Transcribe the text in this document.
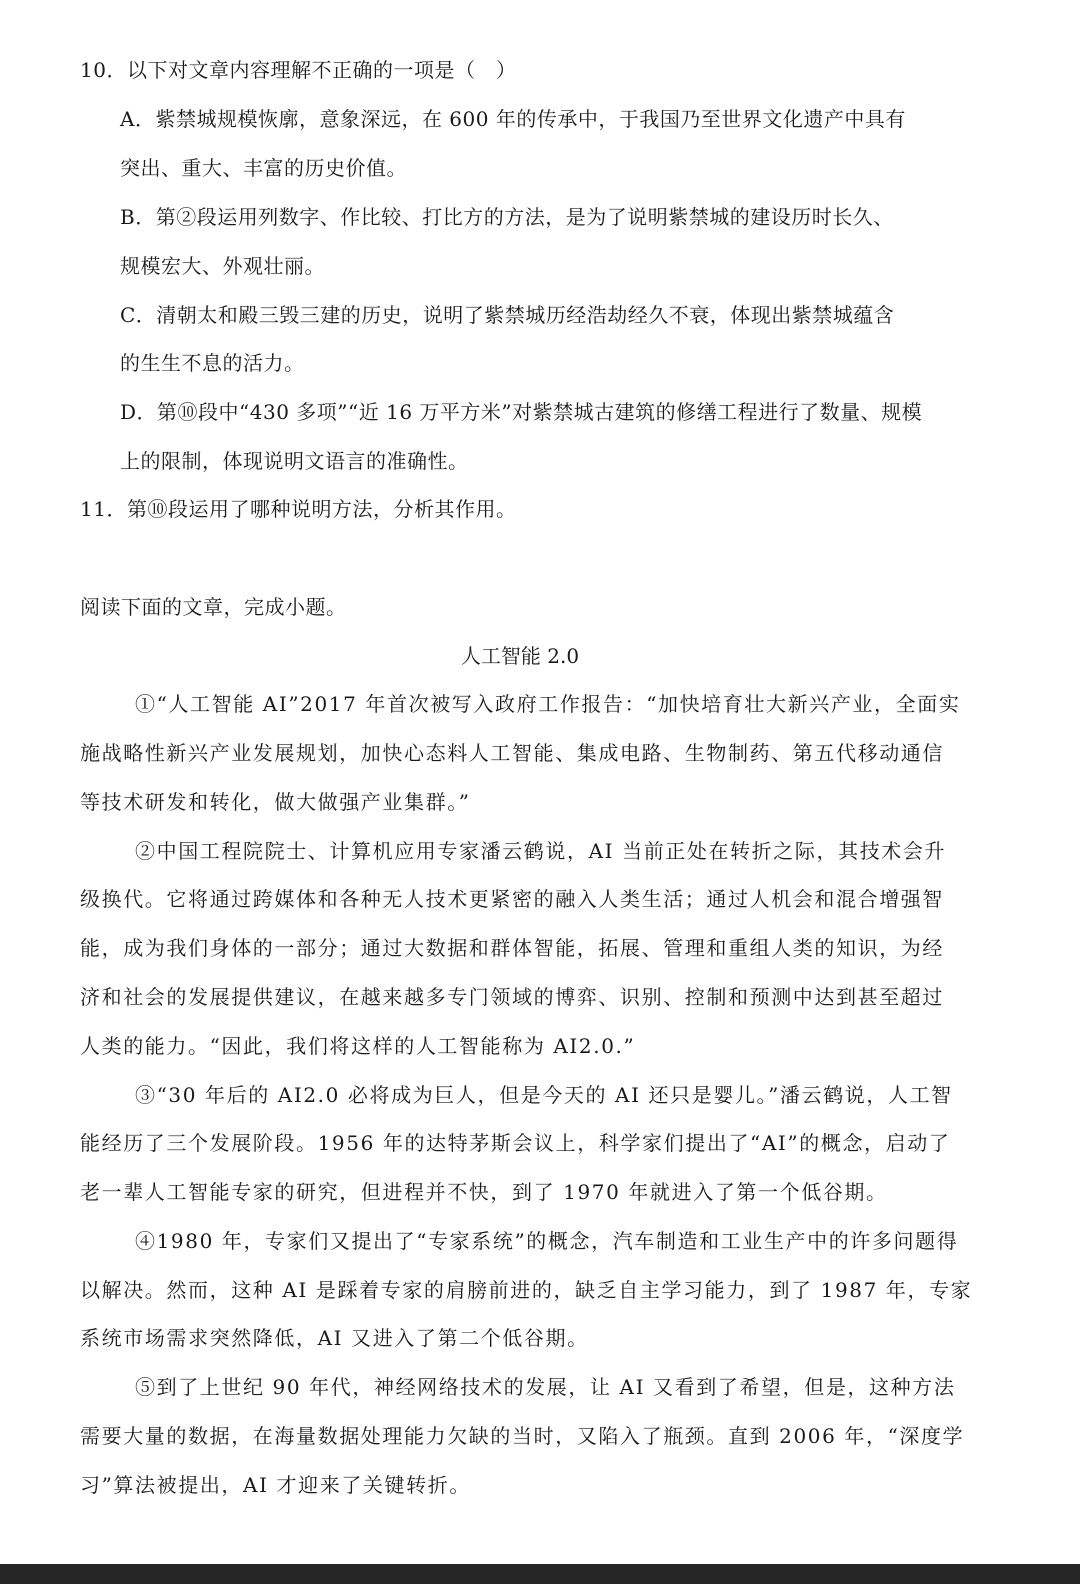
10．以下对文章内容理解不正确的一项是（　）
A．紫禁城规模恢廓，意象深远，在 600 年的传承中，于我国乃至世界文化遗产中具有
突出、重大、丰富的历史价值。
B．第②段运用列数字、作比较、打比方的方法，是为了说明紫禁城的建设历时长久、
规模宏大、外观壮丽。
C．清朝太和殿三毁三建的历史，说明了紫禁城历经浩劫经久不衰，体现出紫禁城蕴含
的生生不息的活力。
D．第⑩段中“430 多项”“近 16 万平方米”对紫禁城古建筑的修缮工程进行了数量、规模
上的限制，体现说明文语言的准确性。
11．第⑩段运用了哪种说明方法，分析其作用。
阅读下面的文章，完成小题。
人工智能 2.0
①“人工智能 AI”2017 年首次被写入政府工作报告：“加快培育壮大新兴产业，全面实
施战略性新兴产业发展规划，加快心态料人工智能、集成电路、生物制药、第五代移动通信
等技术研发和转化，做大做强产业集群。”
②中国工程院院士、计算机应用专家潘云鹤说，AI 当前正处在转折之际，其技术会升
级换代。它将通过跨媒体和各种无人技术更紧密的融入人类生活；通过人机会和混合增强智
能，成为我们身体的一部分；通过大数据和群体智能，拓展、管理和重组人类的知识，为经
济和社会的发展提供建议，在越来越多专门领域的博弈、识别、控制和预测中达到甚至超过
人类的能力。“因此，我们将这样的人工智能称为 AI2.0.”
③“30 年后的 AI2.0 必将成为巨人，但是今天的 AI 还只是婴儿。”潘云鹤说，人工智
能经历了三个发展阶段。1956 年的达特茅斯会议上，科学家们提出了“AI”的概念，启动了
老一辈人工智能专家的研究，但进程并不快，到了 1970 年就进入了第一个低谷期。
④1980 年，专家们又提出了“专家系统”的概念，汽车制造和工业生产中的许多问题得
以解决。然而，这种 AI 是踩着专家的肩膀前进的，缺乏自主学习能力，到了 1987 年，专家
系统市场需求突然降低，AI 又进入了第二个低谷期。
⑤到了上世纪 90 年代，神经网络技术的发展，让 AI 又看到了希望，但是，这种方法
需要大量的数据，在海量数据处理能力欠缺的当时，又陷入了瓶颈。直到 2006 年，“深度学
习”算法被提出，AI 才迎来了关键转折。
